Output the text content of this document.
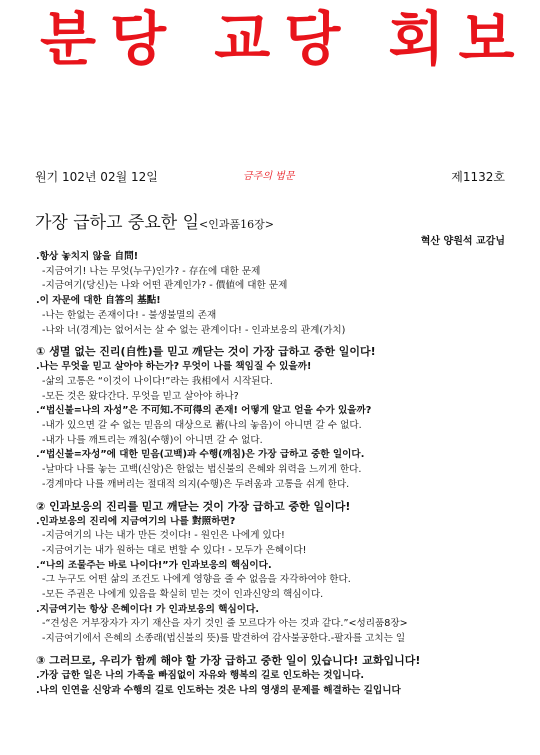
분당 교당 회보
원기 102년 02월 12일	금주의 법문	제1132호
가장 급하고 중요한 일<인과품16장>
혁산 양원석 교감님
.항상 놓치지 않을 自問!
-지금여기! 나는 무엇(누구)인가? - 存在에 대한 문제
-지금여기(당신)는 나와 어떤 관계인가? - 價値에 대한 문제
.이 자문에 대한 自答의 基點!
-나는 한없는 존재이다! - 불생불멸의 존재
-나와 너(경계)는 없어서는 살 수 없는 관계이다! - 인과보응의 관계(가치)
① 생멸 없는 진리(自性)를 믿고 깨닫는 것이 가장 급하고 중한 일이다!
.나는 무엇을 믿고 살아야 하는가? 무엇이 나를 책임질 수 있을까!
-삶의 고통은 “이것이 나이다!”라는 我相에서 시작된다.
-모든 것은 왔다간다. 무엇을 믿고 살아야 하나?
.“법신불=나의 자성”은 不可知.不可得의 존재! 어떻게 알고 얻을 수가 있을까?
-내가 있으면 갈 수 없는 믿음의 대상으로 蓄(나의 놓음)이 아니면 갈 수 없다.
-내가 나를 깨트리는 깨침(수행)이 아니면 갈 수 없다.
.“법신불=자성”에 대한 믿음(고백)과 수행(깨침)은 가장 급하고 중한 일이다.
-날마다 나를 놓는 고백(신앙)은 한없는 법신불의 은혜와 위력을 느끼게 한다.
-경계마다 나를 깨버리는 절대적 의지(수행)은 두려움과 고통을 쉬게 한다.
② 인과보응의 진리를 믿고 깨닫는 것이 가장 급하고 중한 일이다!
.인과보응의 진리에 지금여기의 나를 對照하면?
-지금여기의 나는 내가 만든 것이다! - 원인은 나에게 있다!
-지금여기는 내가 원하는 대로 변할 수 있다! - 모두가 은혜이다!
.“나의 조물주는 바로 나이다!”가 인과보응의 핵심이다.
-그 누구도 어떤 삶의 조건도 나에게 영향을 줄 수 없음을 자각하여야 한다.
-모든 주권은 나에게 있음을 확실히 믿는 것이 인과신앙의 핵심이다.
.지금여기는 항상 은혜이다! 가 인과보응의 핵심이다.
-“견성은 거부장자가 자기 재산을 자기 것인 줄 모르다가 아는 것과 같다.”<성리품8장>
-지금여기에서 은혜의 소종래(법신불의 뜻)를 발견하여 감사불공한다.-팔자를 고치는 일
③ 그러므로, 우리가 함께 해야 할 가장 급하고 중한 일이 있습니다! 교화입니다!
.가장 급한 일은 나의 가족을 빠짐없이 자유와 행복의 길로 인도하는 것입니다.
.나의 인연을 신앙과 수행의 길로 인도하는 것은 나의 영생의 문제를 해결하는 길입니다
